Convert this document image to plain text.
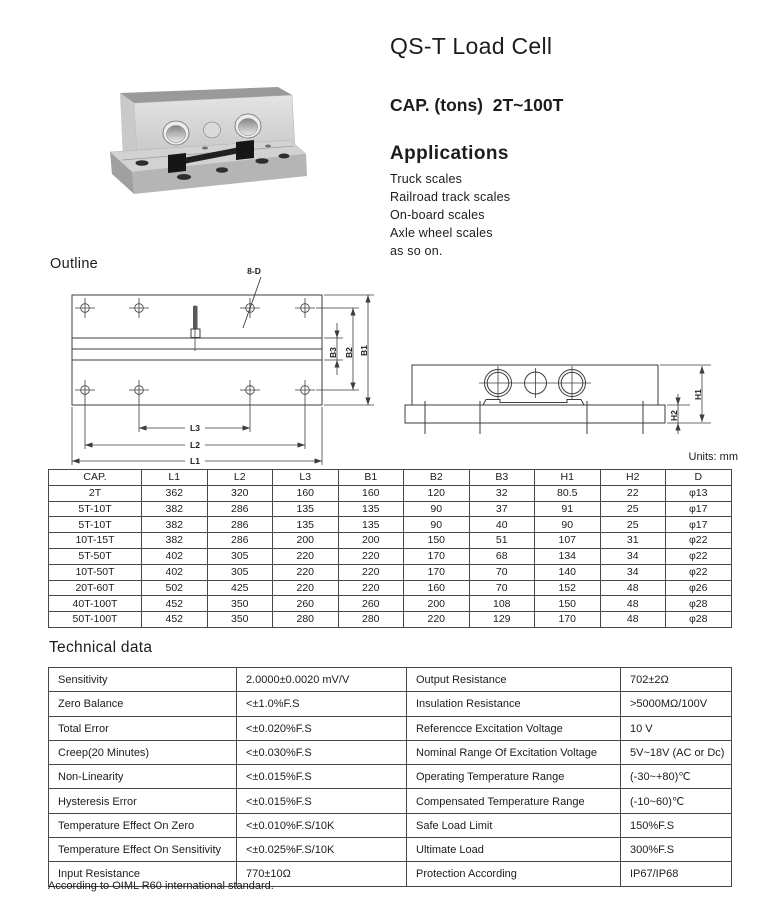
QS-T Load Cell
CAP. (tons)  2T~100T
Applications
Truck scales
Railroad track scales
On-board scales
Axle wheel scales
as so on.
Outline	8-D
B3 B2 B1
L3
L2
L1
H1
H2
Units: mm
CAP.	L1	L2	L3	B1	B2	B3	H1	H2	D
2T	362	320	160	160	120	32	80.5	22	φ13
5T-10T	382	286	135	135	90	37	91	25	φ17
5T-10T	382	286	135	135	90	40	90	25	φ17
10T-15T	382	286	200	200	150	51	107	31	φ22
5T-50T	402	305	220	220	170	68	134	34	φ22
10T-50T	402	305	220	220	170	70	140	34	φ22
20T-60T	502	425	220	220	160	70	152	48	φ26
40T-100T	452	350	260	260	200	108	150	48	φ28
50T-100T	452	350	280	280	220	129	170	48	φ28
Technical data
Sensitivity	2.0000±0.0020 mV/V	Output Resistance	702±2Ω
Zero Balance	<±1.0%F.S	Insulation Resistance	>5000MΩ/100V
Total Error	<±0.020%F.S	Referencce Excitation Voltage	10 V
Creep(20 Minutes)	<±0.030%F.S	Nominal Range Of Excitation Voltage	5V~18V (AC or Dc)
Non-Linearity	<±0.015%F.S	Operating Temperature Range	(-30~+80)℃
Hysteresis Error	<±0.015%F.S	Compensated Temperature Range	(-10~60)℃
Temperature Effect On Zero	<±0.010%F.S/10K	Safe Load Limit	150%F.S
Temperature Effect On Sensitivity	<±0.025%F.S/10K	Ultimate Load	300%F.S
Input Resistance	770±10Ω	Protection According	IP67/IP68
According to OIML R60 international standard.
